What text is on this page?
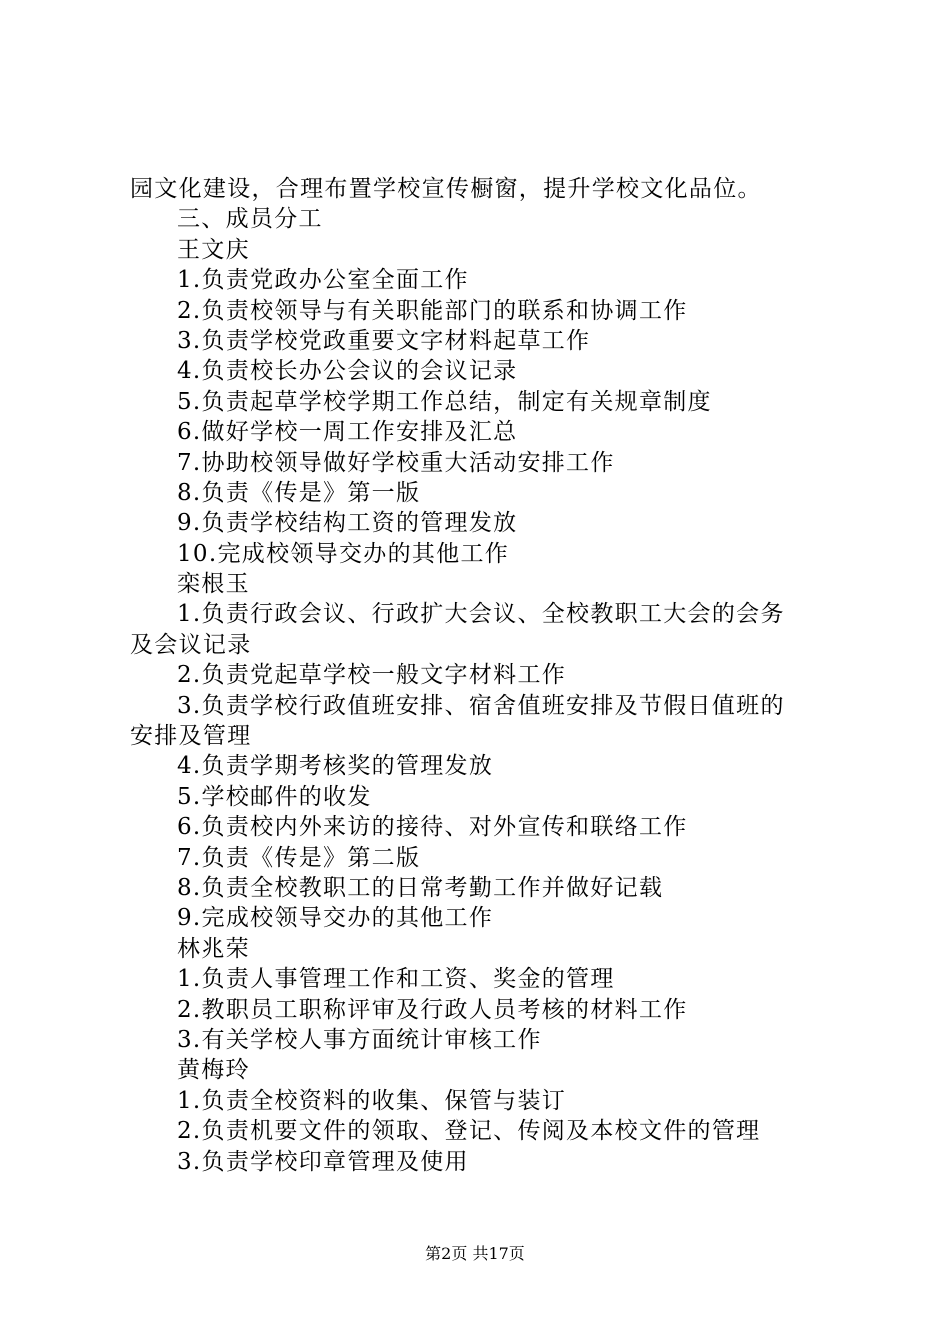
园文化建设，合理布置学校宣传橱窗，提升学校文化品位。
三、成员分工
王文庆
1.负责党政办公室全面工作
2.负责校领导与有关职能部门的联系和协调工作
3.负责学校党政重要文字材料起草工作
4.负责校长办公会议的会议记录
5.负责起草学校学期工作总结，制定有关规章制度
6.做好学校一周工作安排及汇总
7.协助校领导做好学校重大活动安排工作
8.负责《传是》第一版
9.负责学校结构工资的管理发放
10.完成校领导交办的其他工作
栾根玉
1.负责行政会议、行政扩大会议、全校教职工大会的会务
及会议记录
2.负责党起草学校一般文字材料工作
3.负责学校行政值班安排、宿舍值班安排及节假日值班的
安排及管理
4.负责学期考核奖的管理发放
5.学校邮件的收发
6.负责校内外来访的接待、对外宣传和联络工作
7.负责《传是》第二版
8.负责全校教职工的日常考勤工作并做好记载
9.完成校领导交办的其他工作
林兆荣
1.负责人事管理工作和工资、奖金的管理
2.教职员工职称评审及行政人员考核的材料工作
3.有关学校人事方面统计审核工作
黄梅玲
1.负责全校资料的收集、保管与装订
2.负责机要文件的领取、登记、传阅及本校文件的管理
3.负责学校印章管理及使用
第2页 共17页
